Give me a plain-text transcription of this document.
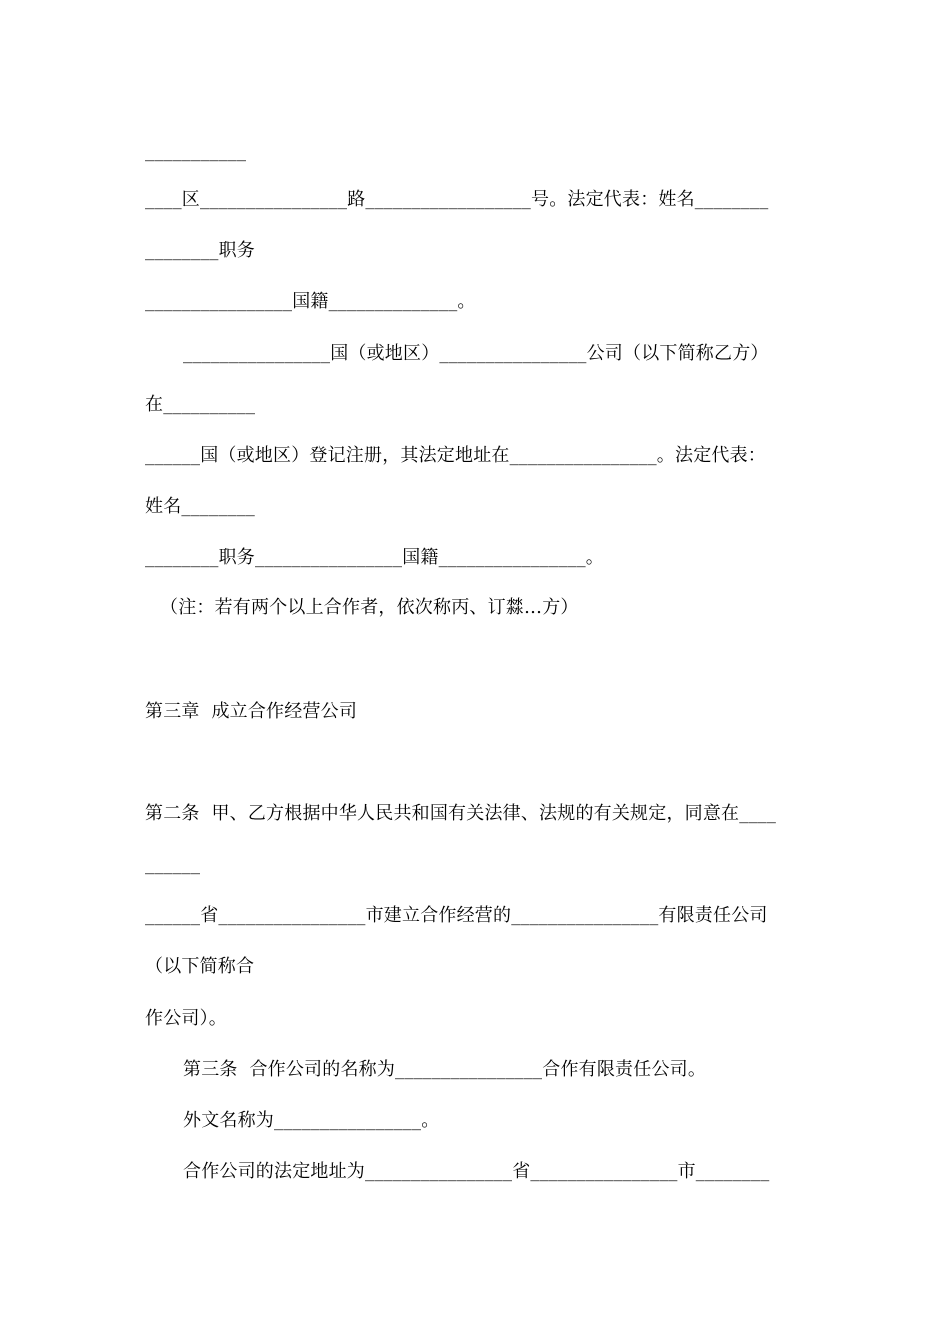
___________
____区________________路__________________号。法定代表：姓名________
________职务
________________国籍______________。
________________国（或地区）________________公司（以下简称乙方）
在__________
______国（或地区）登记注册，其法定地址在________________。法定代表：
姓名________
________职务________________国籍________________。
（注：若有两个以上合作者，依次称丙、订㵘…方）
第三章  成立合作经营公司
第二条  甲、乙方根据中华人民共和国有关法律、法规的有关规定，同意在____
______
______省________________市建立合作经营的________________有限责任公司
（以下简称合
作公司）。
第三条  合作公司的名称为________________合作有限责任公司。
外文名称为________________。
合作公司的法定地址为________________省________________市________
